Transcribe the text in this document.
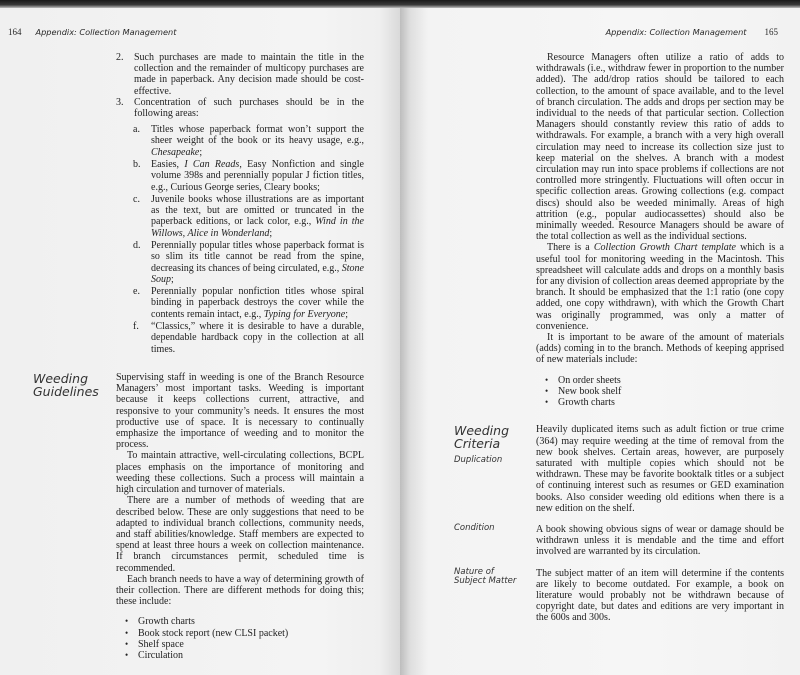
164 Appendix: Collection Management
2. Such purchases are made to maintain the title in the collection and the remainder of multicopy purchases are made in paperback. Any decision made should be cost-effective.
3. Concentration of such purchases should be in the following areas:
a. Titles whose paperback format won’t support the sheer weight of the book or its heavy usage, e.g., Chesapeake;
b. Easies, I Can Reads, Easy Nonfiction and single volume 398s and perennially popular J fiction titles, e.g., Curious George series, Cleary books;
c. Juvenile books whose illustrations are as important as the text, but are omitted or truncated in the paperback editions, or lack color, e.g., Wind in the Willows, Alice in Wonderland;
d. Perennially popular titles whose paperback format is so slim its title cannot be read from the spine, decreasing its chances of being circulated, e.g., Stone Soup;
e. Perennially popular nonfiction titles whose spiral binding in paperback destroys the cover while the contents remain intact, e.g., Typing for Everyone;
f. “Classics,” where it is desirable to have a durable, dependable hardback copy in the collection at all times.
Weeding
Guidelines

Supervising staff in weeding is one of the Branch Resource Managers’ most important tasks. Weeding is important because it keeps collections current, attractive, and responsive to your community’s needs. It ensures the most productive use of space. It is necessary to continually emphasize the importance of weeding and to monitor the process.

To maintain attractive, well-circulating collections, BCPL places emphasis on the importance of monitoring and weeding these collections. Such a process will maintain a high circulation and turnover of materials.

There are a number of methods of weeding that are described below. These are only suggestions that need to be adapted to individual branch collections, community needs, and staff abilities/knowledge. Staff members are expected to spend at least three hours a week on collection maintenance. If branch circumstances permit, scheduled time is recommended.

Each branch needs to have a way of determining growth of their collection. There are different methods for doing this; these include:

• Growth charts
• Book stock report (new CLSI packet)
• Shelf space
• Circulation
Appendix: Collection Management 165

Resource Managers often utilize a ratio of adds to withdrawals (i.e., withdraw fewer in proportion to the number added). The add/drop ratios should be tailored to each collection, to the amount of space available, and to the level of branch circulation. The adds and drops per section may be individual to the needs of that particular section. Collection Managers should constantly review this ratio of adds to withdrawals. For example, a branch with a very high overall circulation may need to increase its collection size just to keep material on the shelves. A branch with a modest circulation may run into space problems if collections are not controlled more stringently. Fluctuations will often occur in specific collection areas. Growing collections (e.g. compact discs) should also be weeded minimally. Areas of high attrition (e.g., popular audiocassettes) should also be minimally weeded. Resource Managers should be aware of the total collection as well as the individual sections.

There is a Collection Growth Chart template which is a useful tool for monitoring weeding in the Macintosh. This spreadsheet will calculate adds and drops on a monthly basis for any division of collection areas deemed appropriate by the branch. It should be emphasized that the 1:1 ratio (one copy added, one copy withdrawn), with which the Growth Chart was originally programmed, was only a matter of convenience.

It is important to be aware of the amount of materials (adds) coming in to the branch. Methods of keeping apprised of new materials include:

• On order sheets
• New book shelf
• Growth charts
Weeding
Criteria
Duplication

Heavily duplicated items such as adult fiction or true crime (364) may require weeding at the time of removal from the new book shelves. Certain areas, however, are purposely saturated with multiple copies which should not be withdrawn. These may be favorite booktalk titles or a subject of continuing interest such as resumes or GED examination books. Also consider weeding old editions when there is a new edition on the shelf.

Condition	A book showing obvious signs of wear or damage should be withdrawn unless it is mendable and the time and effort involved are warranted by its circulation.

Nature of Subject Matter

The subject matter of an item will determine if the contents are likely to become outdated. For example, a book on literature would probably not be withdrawn because of copyright date, but dates and editions are very important in the 600s and 300s.
